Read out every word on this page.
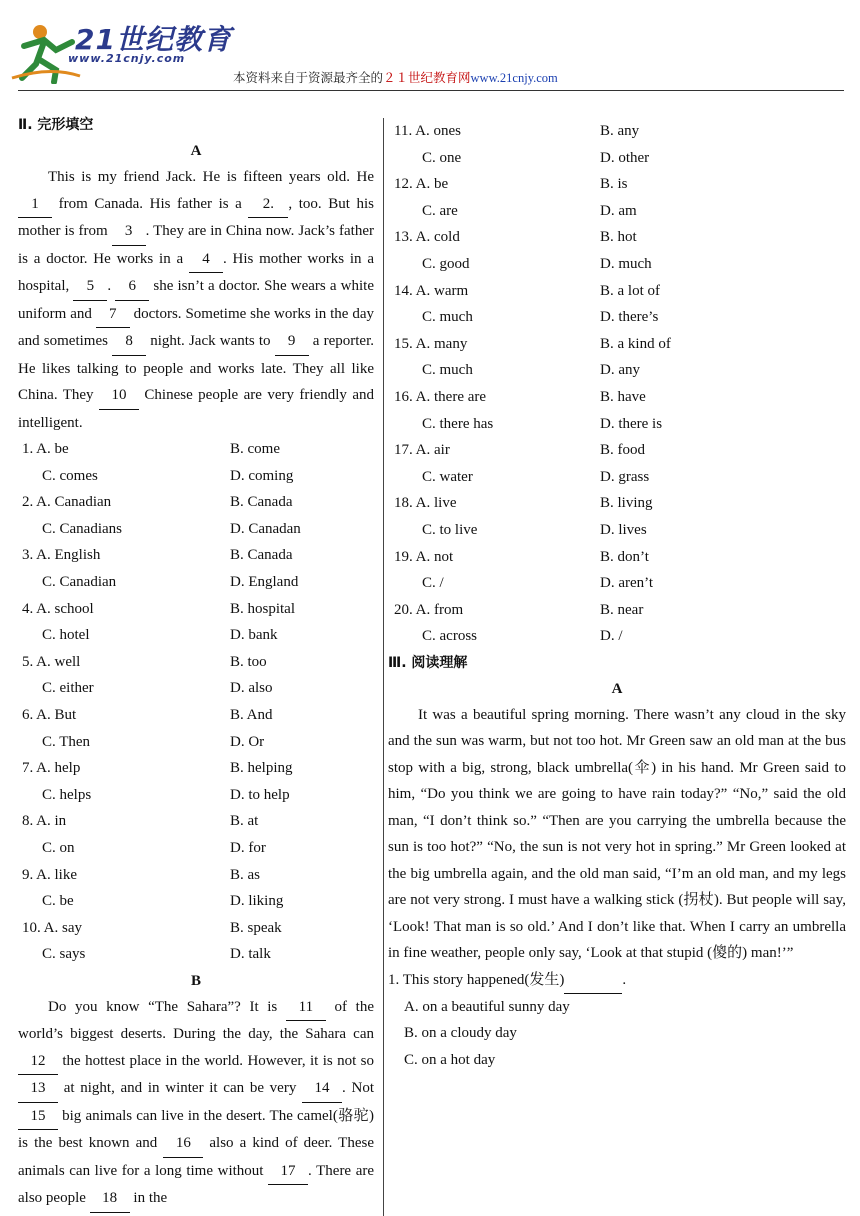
21世纪教育
www.21cnjy.com
本资料来自于资源最齐全的２１世纪教育网www.21cnjy.com
Ⅱ. 完形填空
A

This is my friend Jack. He is fifteen years old. He 1 from Canada. His father is a 2. , too. But his mother is from 3 . They are in China now. Jack’s father is a doctor. He works in a 4 . His mother works in a hospital, 5 . 6 she isn’t a doctor. She wears a white uniform and 7 doctors. Sometime she works in the day and sometimes 8 night. Jack wants to 9 a reporter. He likes talking to people and works late. They all like China. They 10 Chinese people are very friendly and intelligent.

1. A. be	B. come
C. comes	D. coming
2. A. Canadian	B. Canada
C. Canadians	D. Canadan
3. A. English	B. Canada
C. Canadian	D. England
4. A. school	B. hospital
C. hotel	D. bank
5. A. well	B. too
C. either	D. also
6. A. But	B. And
C. Then	D. Or
7. A. help	B. helping
C. helps	D. to help
8. A. in	B. at
C. on	D. for
9. A. like	B. as
C. be	D. liking
10. A. say	B. speak
C. says	D. talk
B

Do you know “The Sahara”? It is 11 of the world’s biggest deserts. During the day, the Sahara can 12 the hottest place in the world. However, it is not so 13 at night, and in winter it can be very 14 . Not 15 big animals can live in the desert. The camel(骆驼) is the best known and 16 also a kind of deer. These animals can live for a long time without 17 . There are also people 18 in the

11. A. ones	B. any
C. one	D. other
12. A. be	B. is
C. are	D. am
13. A. cold	B. hot
C. good	D. much
14. A. warm	B. a lot of
C. much	D. there’s
15. A. many	B. a kind of
C. much	D. any
16. A. there are	B. have
C. there has	D. there is
17. A. air	B. food
C. water	D. grass
18. A. live	B. living
C. to live	D. lives
19. A. not	B. don’t
C. /	D. aren’t
20. A. from	B. near
C. across	D. /
Ⅲ. 阅读理解
A

It was a beautiful spring morning. There wasn’t any cloud in the sky and the sun was warm, but not too hot. Mr Green saw an old man at the bus stop with a big, strong, black umbrella(伞) in his hand. Mr Green said to him, “Do you think we are going to have rain today?” “No,” said the old man, “I don’t think so.” “Then are you carrying the umbrella because the sun is too hot?” “No, the sun is not very hot in spring.” Mr Green looked at the big umbrella again, and the old man said, “I’m an old man, and my legs are not very strong. I must have a walking stick (拐杖). But people will say, ‘Look! That man is so old.’ And I don’t like that. When I carry an umbrella in fine weather, people only say, ‘Look at that stupid (傻的) man!’”

1. This story happened(发生)	.
A. on a beautiful sunny day
B. on a cloudy day
C. on a hot day
